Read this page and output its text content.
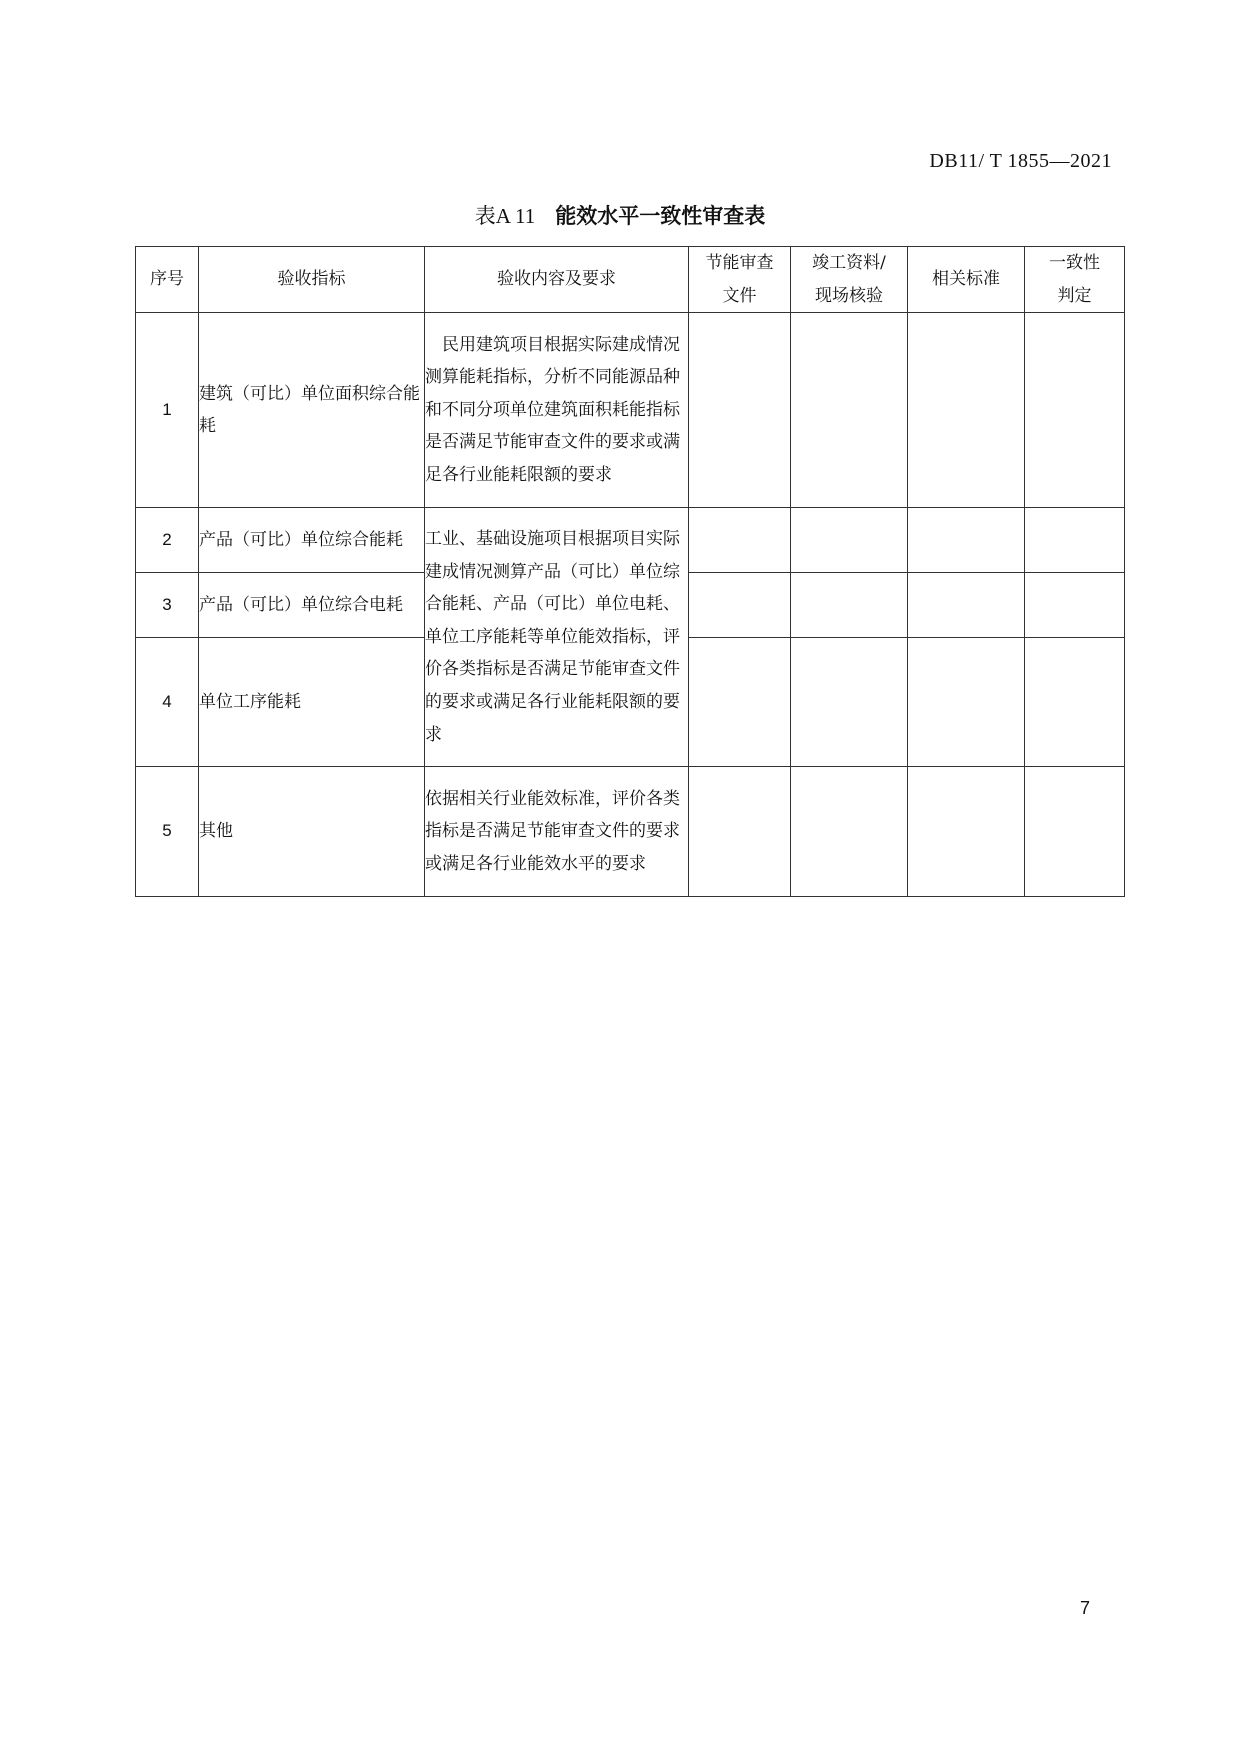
DB11/ T 1855—2021
表A 11 能效水平一致性审查表
序号	验收指标	验收内容及要求	节能审查文件	竣工资料/现场核验	相关标准	一致性判定
1	建筑（可比）单位面积综合能耗	民用建筑项目根据实际建成情况测算能耗指标，分析不同能源品种和不同分项单位建筑面积耗能指标是否满足节能审查文件的要求或满足各行业能耗限额的要求				
2	产品（可比）单位综合能耗	工业、基础设施项目根据项目实际建成情况测算产品（可比）单位综合能耗、产品（可比）单位电耗、单位工序能耗等单位能效指标，评价各类指标是否满足节能审查文件的要求或满足各行业能耗限额的要求				
3	产品（可比）单位综合电耗					
4	单位工序能耗					
5	其他	依据相关行业能效标准，评价各类指标是否满足节能审查文件的要求或满足各行业能效水平的要求				
7
